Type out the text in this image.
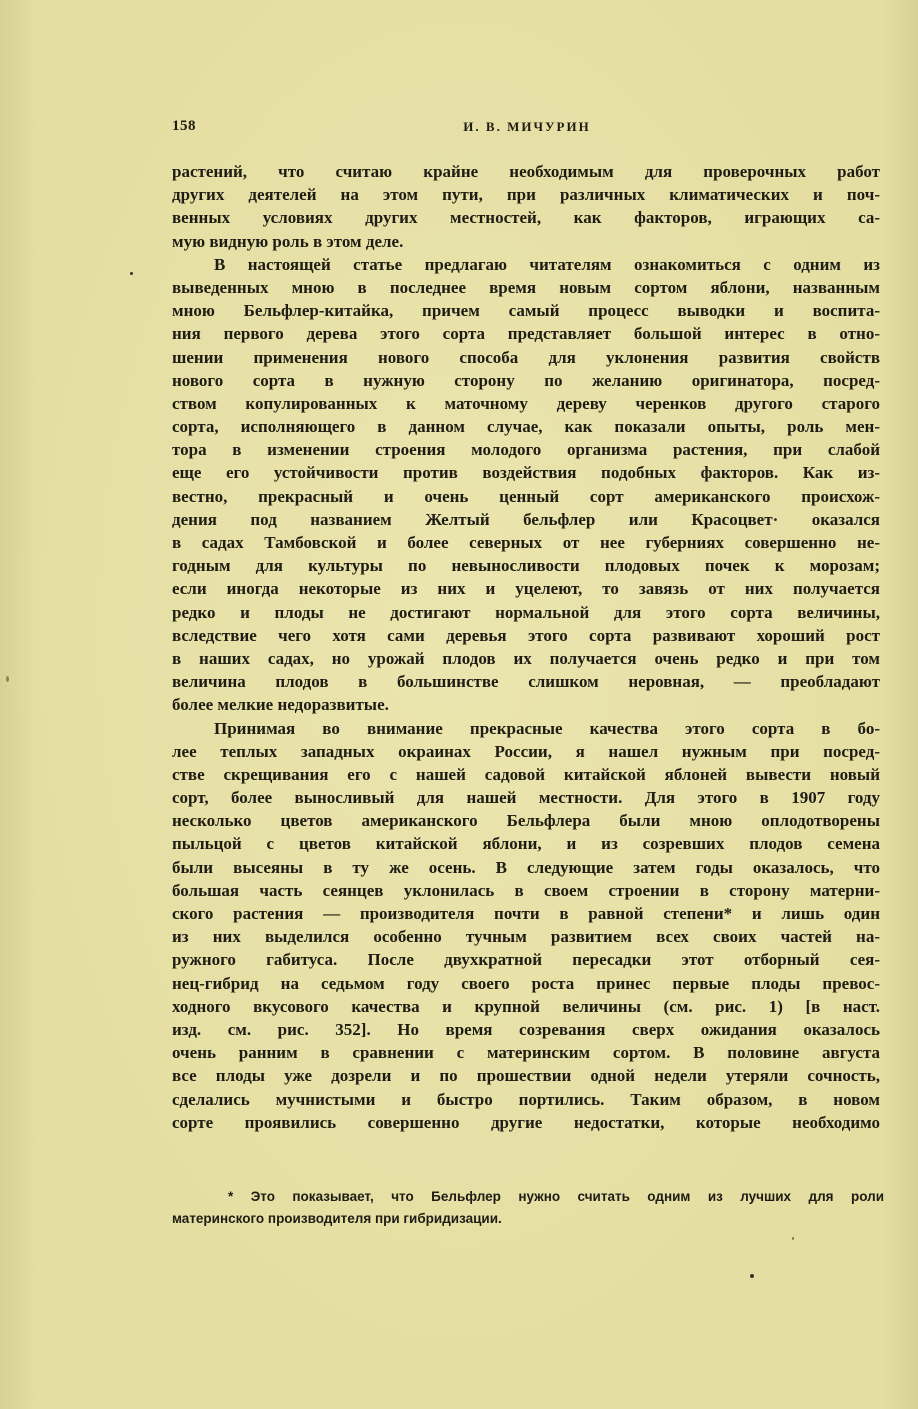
158	И. В. МИЧУРИН
растений, что считаю крайне необходимым для проверочных работ
других деятелей на этом пути, при различных климатических и поч-
венных условиях других местностей, как факторов, играющих са-
мую видную роль в этом деле.
В настоящей статье предлагаю читателям ознакомиться с одним из
выведенных мною в последнее время новым сортом яблони, названным
мною Бельфлер-китайка, причем самый процесс выводки и воспита-
ния первого дерева этого сорта представляет большой интерес в отно-
шении применения нового способа для уклонения развития свойств
нового сорта в нужную сторону по желанию оригинатора, посред-
ством копулированных к маточному дереву черенков другого старого
сорта, исполняющего в данном случае, как показали опыты, роль мен-
тора в изменении строения молодого организма растения, при слабой
еще его устойчивости против воздействия подобных факторов. Как из-
вестно, прекрасный и очень ценный сорт американского происхож-
дения под названием Желтый бельфлер или Красоцвет· оказался
в садах Тамбовской и более северных от нее губерниях совершенно не-
годным для культуры по невыносливости плодовых почек к морозам;
если иногда некоторые из них и уцелеют, то завязь от них получается
редко и плоды не достигают нормальной для этого сорта величины,
вследствие чего хотя сами деревья этого сорта развивают хороший рост
в наших садах, но урожай плодов их получается очень редко и при том
величина плодов в большинстве слишком неровная, — преобладают
более мелкие недоразвитые.
Принимая во внимание прекрасные качества этого сорта в бо-
лее теплых западных окраинах России, я нашел нужным при посред-
стве скрещивания его с нашей садовой китайской яблоней вывести новый
сорт, более выносливый для нашей местности. Для этого в 1907 году
несколько цветов американского Бельфлера были мною оплодотворены
пыльцой с цветов китайской яблони, и из созревших плодов семена
были высеяны в ту же осень. В следующие затем годы оказалось, что
большая часть сеянцев уклонилась в своем строении в сторону матерни-
ского растения — производителя почти в равной степени* и лишь один
из них выделился особенно тучным развитием всех своих частей на-
ружного габитуса. После двухкратной пересадки этот отборный сея-
нец-гибрид на седьмом году своего роста принес первые плоды превос-
ходного вкусового качества и крупной величины (см. рис. 1) [в наст.
изд. см. рис. 352]. Но время созревания сверх ожидания оказалось
очень ранним в сравнении с материнским сортом. В половине августа
все плоды уже дозрели и по прошествии одной недели утеряли сочность,
сделались мучнистыми и быстро портились. Таким образом, в новом
сорте проявились совершенно другие недостатки, которые необходимо
* Это показывает, что Бельфлер нужно считать одним из лучших для роли
материнского производителя при гибридизации.
